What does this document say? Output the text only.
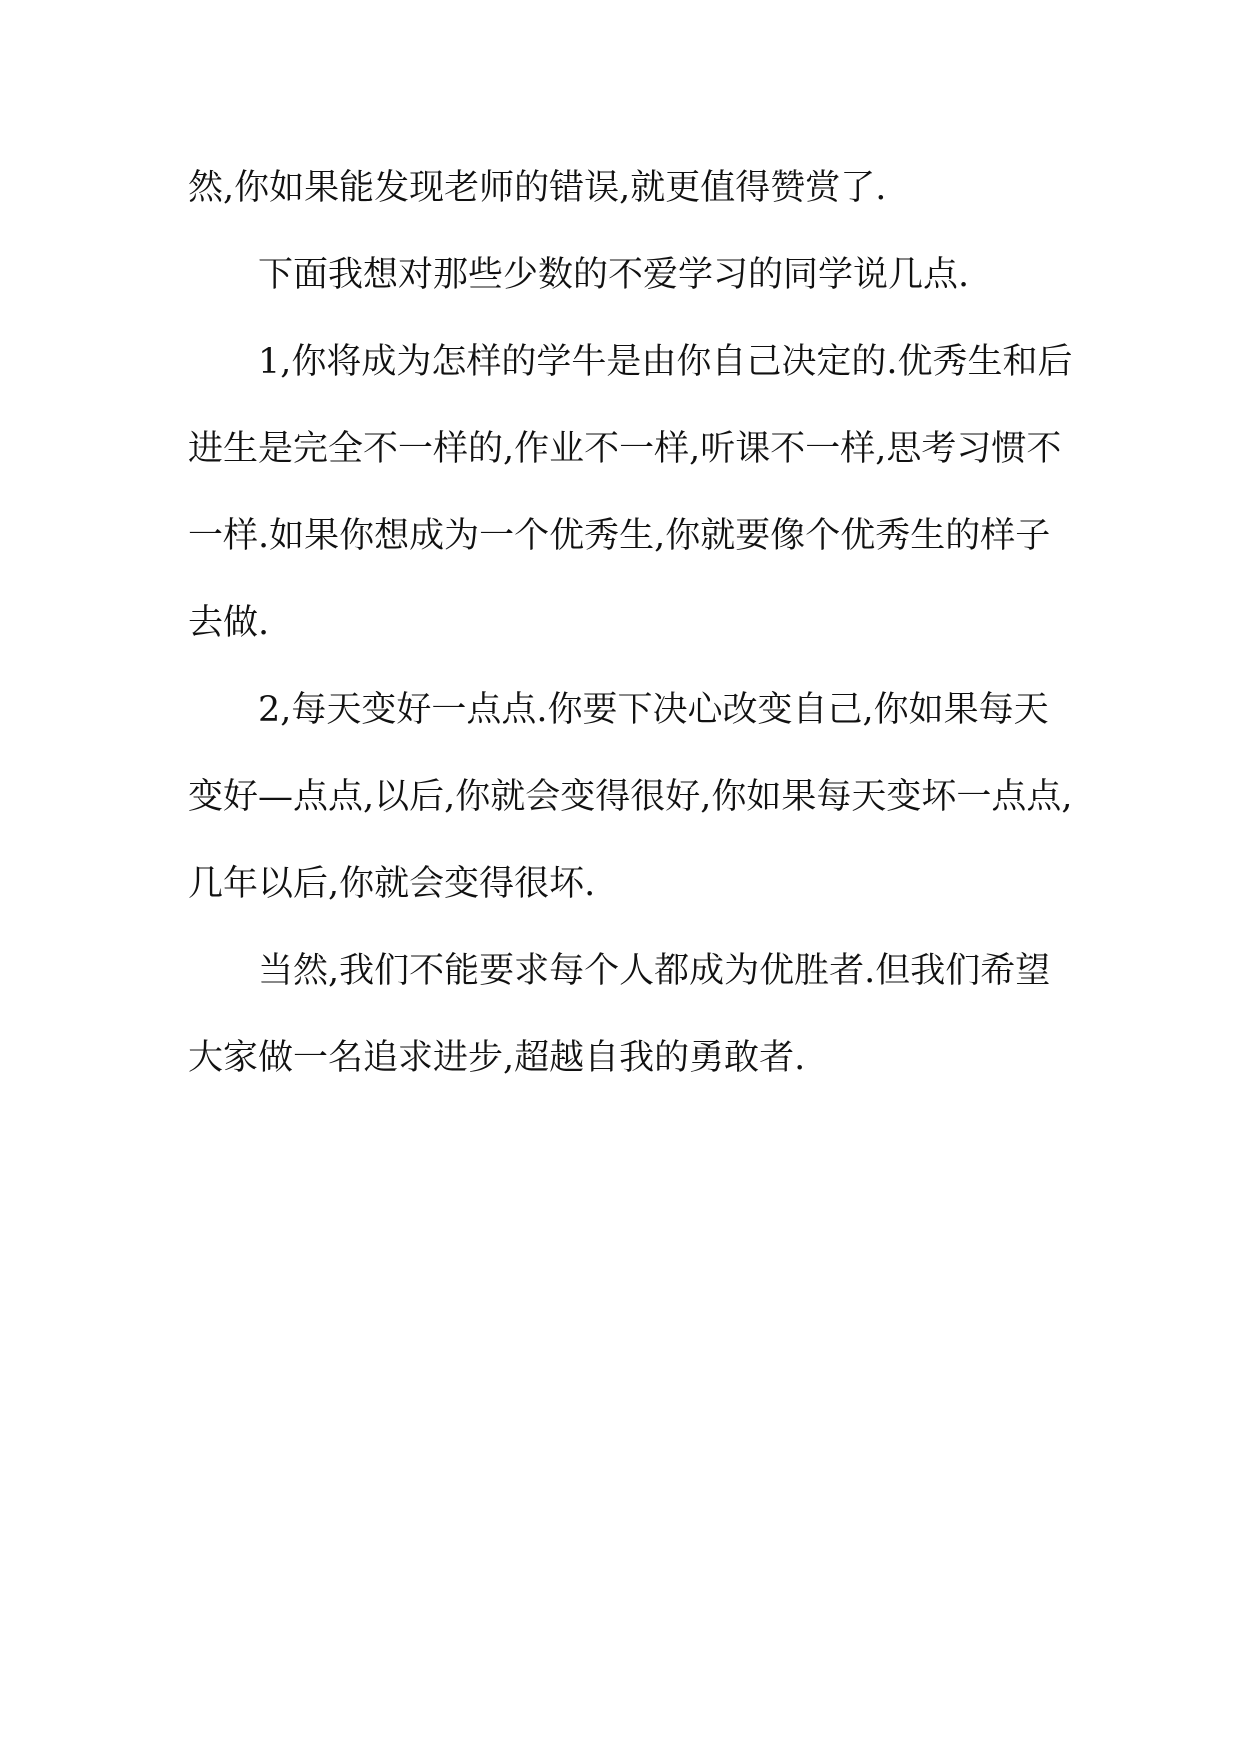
然,你如果能发现老师的错误,就更值得赞赏了.

下面我想对那些少数的不爱学习的同学说几点.

1,你将成为怎样的学牛是由你自己决定的.优秀生和后

进生是完全不一样的,作业不一样,听课不一样,思考习惯不

一样.如果你想成为一个优秀生,你就要像个优秀生的样子

去做.

2,每天变好一点点.你要下决心改变自己,你如果每天

变好—点点,以后,你就会变得很好,你如果每天变坏一点点,

几年以后,你就会变得很坏.

当然,我们不能要求每个人都成为优胜者.但我们希望

大家做一名追求进步,超越自我的勇敢者.
